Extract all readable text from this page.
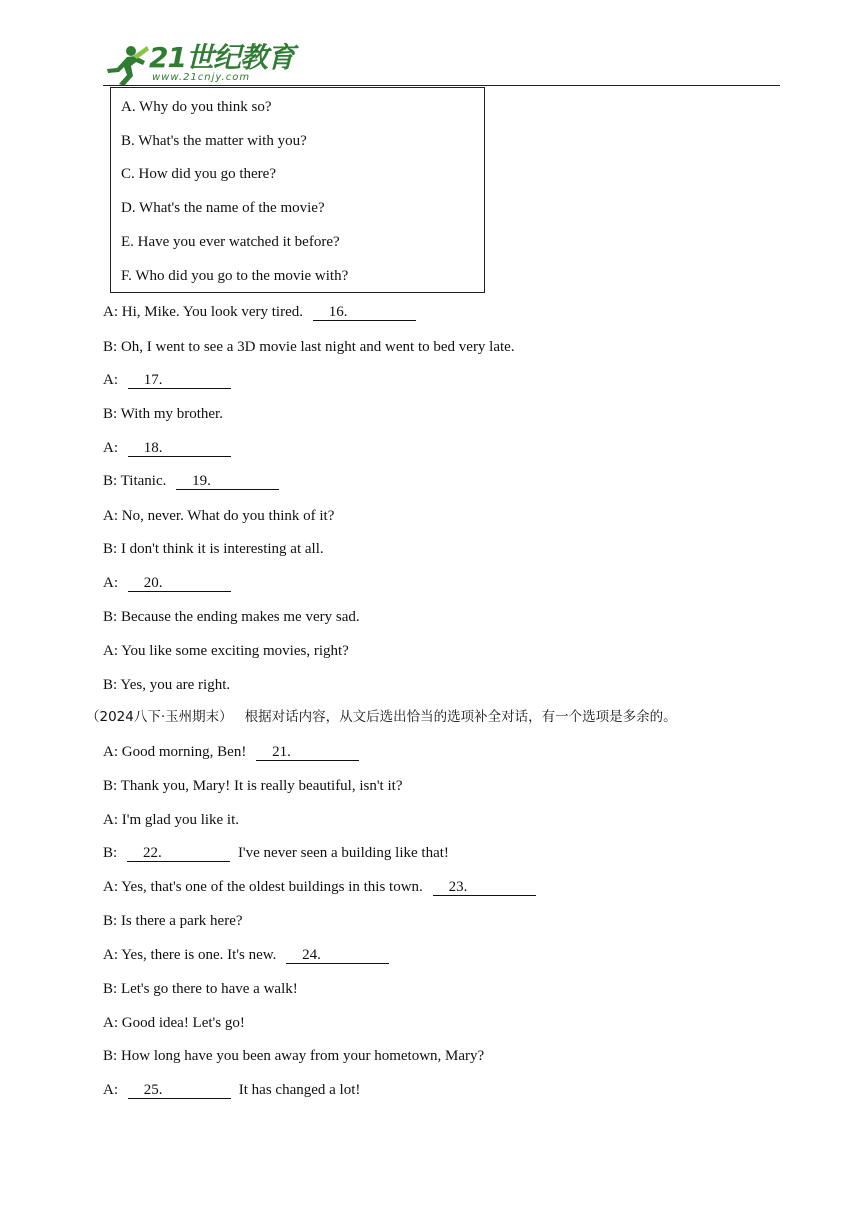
21世纪教育
www.21cnjy.com
A. Why do you think so?
B. What's the matter with you?
C. How did you go there?
D. What's the name of the movie?
E. Have you ever watched it before?
F. Who did you go to the movie with?
A: Hi, Mike. You look very tired. 16.
B: Oh, I went to see a 3D movie last night and went to bed very late.
A: 17.
B: With my brother.
A: 18.
B: Titanic. 19.
A: No, never. What do you think of it?
B: I don't think it is interesting at all.
A: 20.
B: Because the ending makes me very sad.
A: You like some exciting movies, right?
B: Yes, you are right.
（2024八下·玉州期末） 根据对话内容，从文后选出恰当的选项补全对话，有一个选项是多余的。
A: Good morning, Ben! 21.
B: Thank you, Mary! It is really beautiful, isn't it?
A: I'm glad you like it.
B: 22.	I've never seen a building like that!
A: Yes, that's one of the oldest buildings in this town. 23.
B: Is there a park here?
A: Yes, there is one. It's new. 24.
B: Let's go there to have a walk!
A: Good idea! Let's go!
B: How long have you been away from your hometown, Mary?
A: 25.	It has changed a lot!
